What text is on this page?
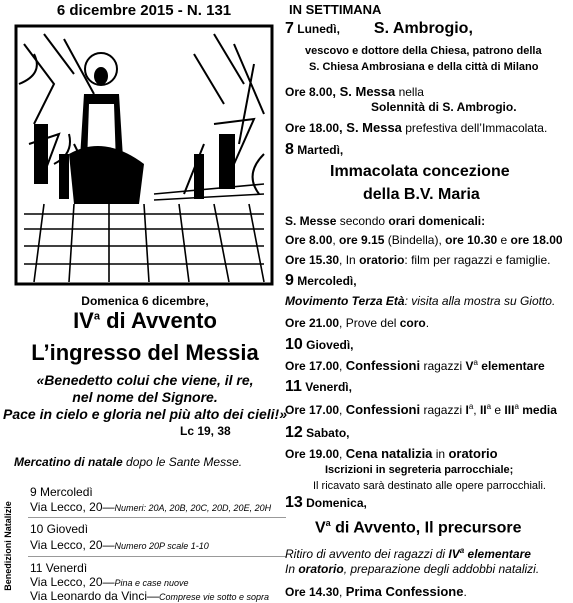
6 dicembre 2015 - N. 131
Domenica 6 dicembre,
$IV^a$ di Avvento
L’ingresso del Messia
«Benedetto colui che viene, il re,
nel nome del Signore.
Pace in cielo e gloria nel più alto dei cieli!»
Lc 19, 38
Mercatino di natale dopo le Sante Messe.
Benedizioni Natalizie
9 Mercoledì
Via Lecco, 20—Numeri: 20A, 20B, 20C, 20D, 20E, 20H
10 Giovedì
Via Lecco, 20—Numero 20P scale 1-10
11 Venerdì
Via Lecco, 20—Pina e case nuove
Via Leonardo da Vinci—Comprese vie sotto e sopra
IN SETTIMANA
7 Lunedì, S. Ambrogio,
vescovo e dottore della Chiesa, patrono della
S. Chiesa Ambrosiana e della città di Milano
Ore 8.00, S. Messa nella
Solennità di S. Ambrogio.
Ore 18.00, S. Messa prefestiva dell’Immacolata.
8 Martedì,
Immacolata concezione
della B.V. Maria
S. Messe secondo orari domenicali:
Ore 8.00, ore 9.15 (Bindella), ore 10.30 e ore 18.00
Ore 15.30, In oratorio: film per ragazzi e famiglie.
9 Mercoledì,
Movimento Terza Età: visita alla mostra su Giotto.
Ore 21.00, Prove del coro.
10 Giovedì,
Ore 17.00, Confessioni ragazzi $V^a$ elementare
11 Venerdì,
Ore 17.00, Confessioni ragazzi $I^a$, $II^a$ e III$^a$ media
12 Sabato,
Ore 19.00, Cena natalizia in oratorio
Iscrizioni in segreteria parrocchiale;
Il ricavato sarà destinato alle opere parrocchiali.
13 Domenica,
$V^a$ di Avvento, Il precursore
Ritiro di avvento dei ragazzi di $IV^a$ elementare
In oratorio, preparazione degli addobbi natalizi.
Ore 14.30, Prima Confessione.
